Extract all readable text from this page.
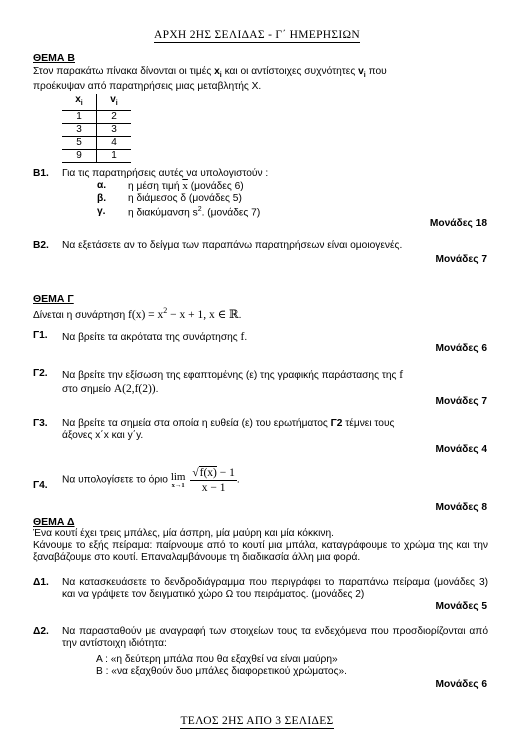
ΑΡΧΗ 2ΗΣ ΣΕΛΙΔΑΣ - Γ΄ ΗΜΕΡΗΣΙΩΝ
ΘΕΜΑ Β
Στον παρακάτω πίνακα δίνονται οι τιμές $x_i$ και οι αντίστοιχες συχνότητες $v_i$ που
προέκυψαν από παρατηρήσεις μιας μεταβλητής Χ.
$x_i$	$v_i$
1	2
3	3
5	4
9	1
Β1. Για τις παρατηρήσεις αυτές να υπολογιστούν :
α. η μέση τιμή $\overline{x}$ (μονάδες 6)
β. η διάμεσος δ (μονάδες 5)
γ. η διακύμανση $s^2$. (μονάδες 7)
Μονάδες 18
Β2. Να εξετάσετε αν το δείγμα των παραπάνω παρατηρήσεων είναι ομοιογενές.
Μονάδες 7
ΘΕΜΑ Γ
Δίνεται η συνάρτηση $f(x) = x^2 - x + 1$, x ∈ ℝ.
Γ1. Να βρείτε τα ακρότατα της συνάρτησης f.
Μονάδες 6
Γ2. Να βρείτε την εξίσωση της εφαπτομένης (ε) της γραφικής παράστασης της f
στο σημείο Α(2,f(2)).
Μονάδες 7
Γ3. Να βρείτε τα σημεία στα οποία η ευθεία (ε) του ερωτήματος Γ2 τέμνει τους
άξονες x΄x και y΄y.
Μονάδες 4
Γ4.
Να υπολογίσετε το όριο lim
x→1
$\frac{√f(x) - 1}{x - 1}$ .
Μονάδες 8
ΘΕΜΑ Δ
Ένα κουτί έχει τρεις μπάλες, μία άσπρη, μία μαύρη και μία κόκκινη.
Κάνουμε το εξής πείραμα: παίρνουμε από το κουτί μια μπάλα, καταγράφουμε το χρώμα της και την ξαναβάζουμε στο κουτί. Επαναλαμβάνουμε τη διαδικασία άλλη μια φορά.
Δ1. Να κατασκευάσετε το δενδροδιάγραμμα που περιγράφει το παραπάνω πείραμα (μονάδες 3) και να γράψετε τον δειγματικό χώρο Ω του πειράματος. (μονάδες 2)
Μονάδες 5
Δ2. Να παρασταθούν με αναγραφή των στοιχείων τους τα ενδεχόμενα που προσδιορίζονται από την αντίστοιχη ιδιότητα:
Α : «η δεύτερη μπάλα που θα εξαχθεί να είναι μαύρη»
Β : «να εξαχθούν δυο μπάλες διαφορετικού χρώματος».
Μονάδες 6
ΤΕΛΟΣ 2ΗΣ ΑΠΟ 3 ΣΕΛΙΔΕΣ
